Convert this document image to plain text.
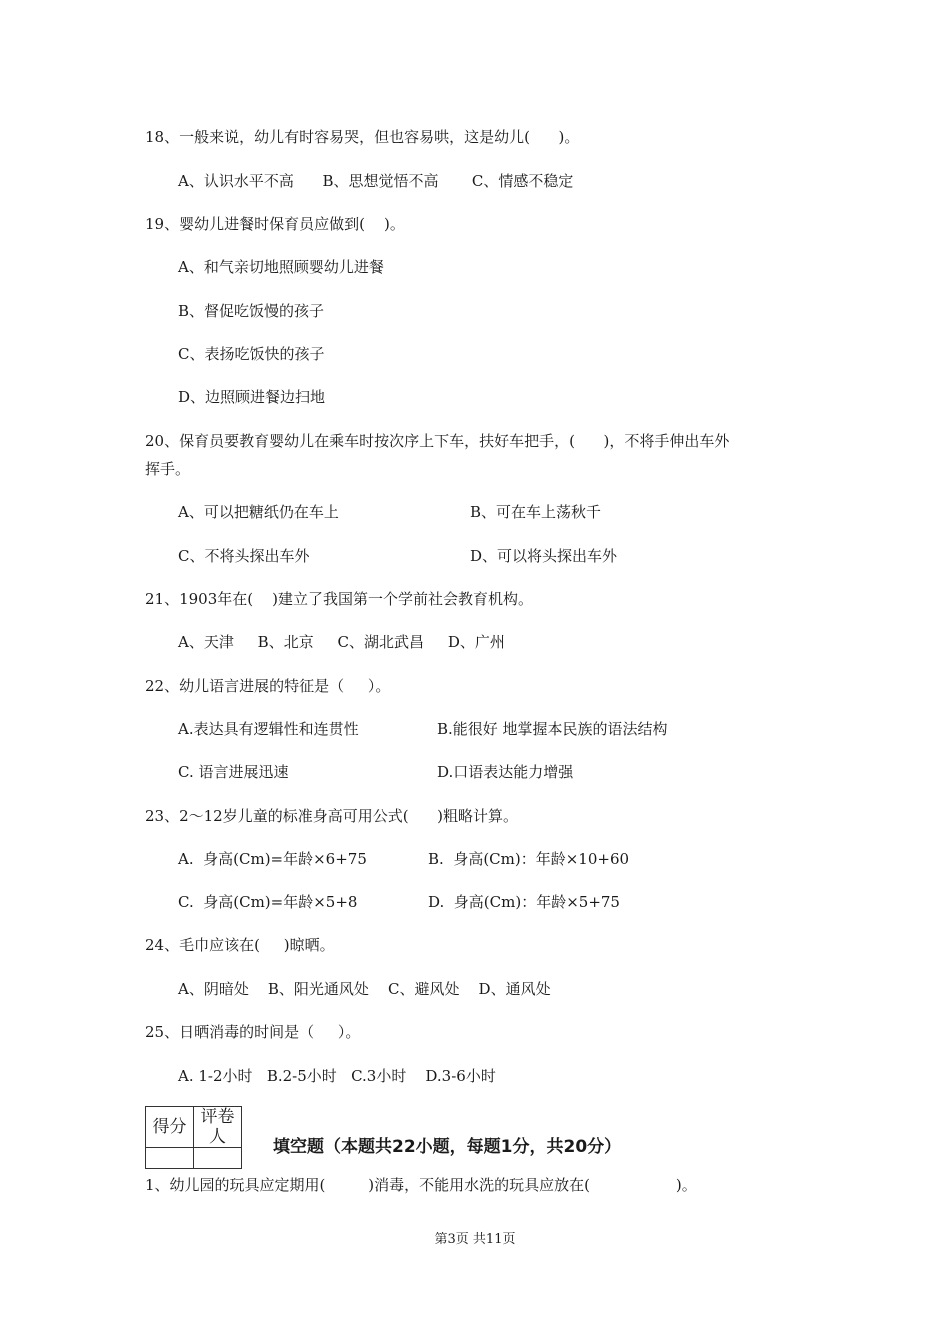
18、一般来说，幼儿有时容易哭，但也容易哄，这是幼儿(      )。
A、认识水平不高      B、思想觉悟不高       C、情感不稳定
19、婴幼儿进餐时保育员应做到(    )。
A、和气亲切地照顾婴幼儿进餐
B、督促吃饭慢的孩子
C、表扬吃饭快的孩子
D、边照顾进餐边扫地
20、保育员要教育婴幼儿在乘车时按次序上下车，扶好车把手，(      )，不将手伸出车外
挥手。
A、可以把糖纸仍在车上	B、可在车上荡秋千
C、不将头探出车外	D、可以将头探出车外
21、1903年在(    )建立了我国第一个学前社会教育机构。
A、天津     B、北京     C、湖北武昌     D、广州
22、幼儿语言进展的特征是（     ）。
A.表达具有逻辑性和连贯性	B.能很好 地掌握本民族的语法结构
C. 语言进展迅速	D.口语表达能力增强
23、2～12岁儿童的标准身高可用公式(      )粗略计算。
A.  身高(Cm)=年龄×6+75	B.  身高(Cm)：年龄×10+60
C.  身高(Cm)=年龄×5+8	D.  身高(Cm)：年龄×5+75
24、毛巾应该在(     )晾晒。
A、阴暗处    B、阳光通风处    C、避风处    D、通风处
25、日晒消毒的时间是（     ）。
A. 1-2小时   B.2-5小时   C.3小时    D.3-6小时
得分	评卷人
		填空题（本题共22小题，每题1分，共20分）
1、幼儿园的玩具应定期用(         )消毒，不能用水洗的玩具应放在(                  )。
第3页 共11页
